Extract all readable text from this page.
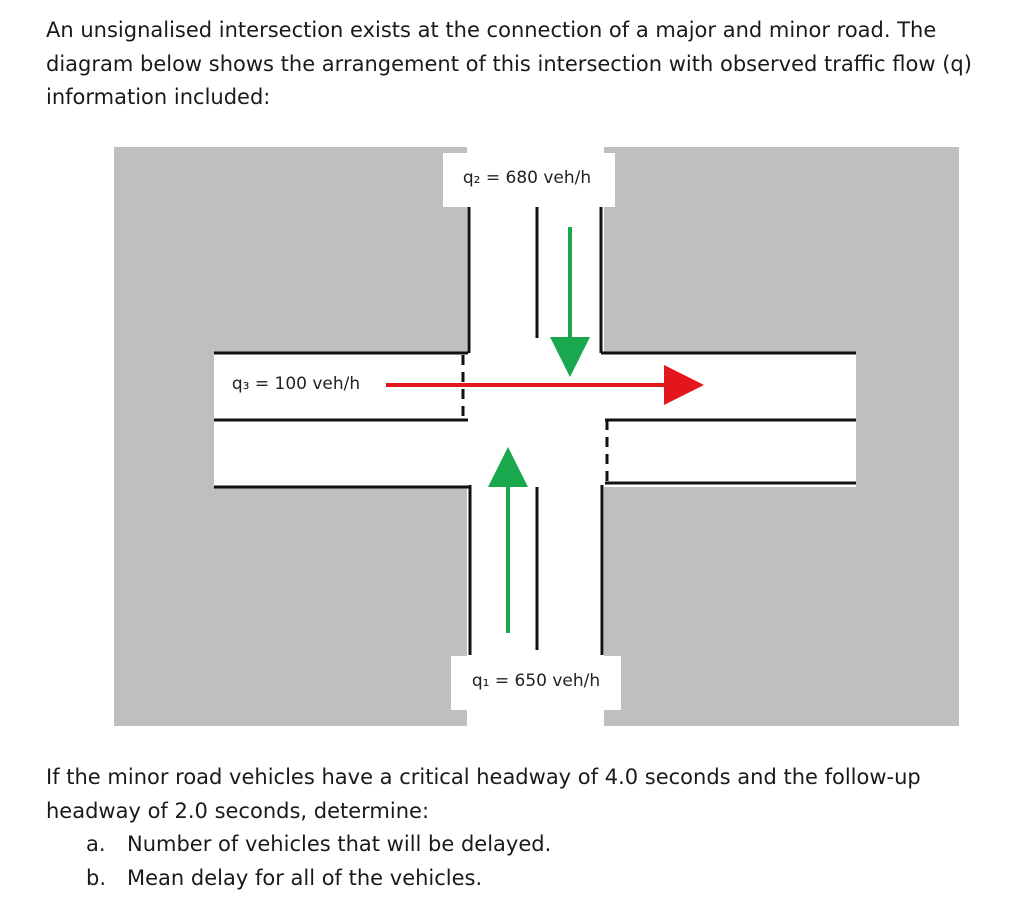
An unsignalised intersection exists at the connection of a major and minor road. The diagram below shows the arrangement of this intersection with observed traffic flow (q) information included:

q₂ = 680 veh/h
q₃ = 100 veh/h
q₁ = 650 veh/h

If the minor road vehicles have a critical headway of 4.0 seconds and the follow-up headway of 2.0 seconds, determine:

a.	Number of vehicles that will be delayed.
b. Mean delay for all of the vehicles.
